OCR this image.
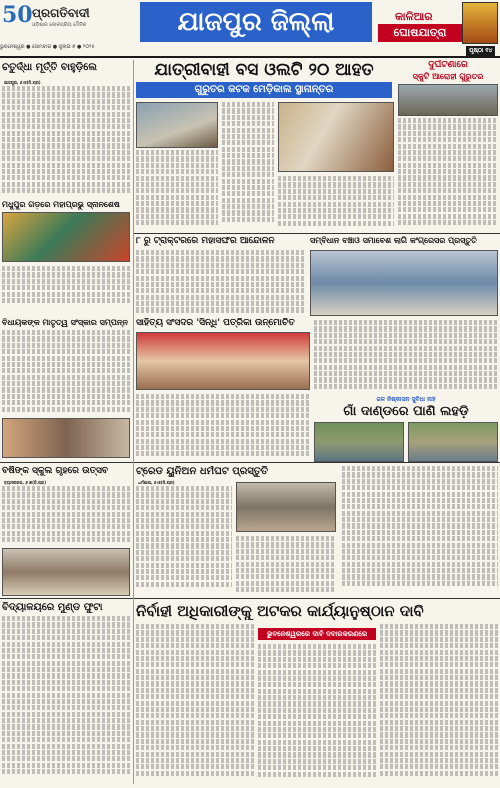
50 ପ୍ରଗତିବାଦୀ
ଓଡ଼ିଶାର ଲୋକପ୍ରିୟ ଦୈନିକ
ଭୁବନେଶ୍ୱର ● ସୋମବାର ● ଜୁଲାଇ ୭ ● ୨୦୨୫
ଯାଜପୁର ଜିଲ୍ଲା	କାଳିଆର
ଘୋଷଯାତ୍ରା
ପୃଷ୍ଠା ୧୪
ଚତୁର୍ଦ୍ଧା ମୂର୍ତ୍ତି ବାହୁଡ଼ିଲେ	ଯାତ୍ରୀବାହୀ ବସ ଓଲଟି ୨୦ ଆହତ
ଗୁରୁତର କଟକ ମେଡ଼ିକାଲ ସ୍ଥାନାନ୍ତର
ଦୁର୍ଘଟଣାରେ
ସ୍କୁଟି ଆରୋହୀ ଗୁରୁତର
ଯାଜପୁର, ୬।୭(ନି.ପ୍ର)
ମଧୁପୁର ଗଡ଼ରେ ମହାପ୍ରଭୁ ସ୍ନାନଶେଷ
୮ ରୁ ଟ୍ରାକ୍ଟରରେ ମହାସଙ୍ଘର ଆନ୍ଦୋଳନ	ସମ୍ବିଧାନ ବଞ୍ଚାଓ ସମାବେଶ ଲାଗି କଂଗ୍ରେସର ପ୍ରସ୍ତୁତି
ବିଧାୟକଙ୍କ ମାତୃତ୍ୱ ସଂସ୍କାର ସମ୍ପନ୍ନ ସାହିତ୍ୟ ସଂସଦର 'ସିନ୍ଧି' ପତ୍ରିକା ଉନ୍ମୋଚିତ
ଜଳ ନିଷ୍କାସନ ସୁବିଧା ନାହିଁ
ଗାଁ ଦାଣ୍ଡରେ ପାଣି ଲହଡ଼ି
ବର୍ଷିଙ୍କ ସ୍କୁଲ ଗୃହରେ ଉତ୍ସବ
ବ୍ୟାସନଗର, ୬।୭(ନି.ପ୍ର)
ଟ୍ରେଡ ୟୁନିଅନ ଧର୍ମଘଟ ପ୍ରସ୍ତୁତି
ଧର୍ମଶାଳା, ୬।୭(ନି.ପ୍ର)
ବିଦ୍ୟାଳୟରେ ମୁଣ୍ଡ ଫୁଟା	ନିର୍ବାହୀ ଅଧିକାରୀଙ୍କୁ ଅଟକର କାର୍ଯ୍ୟାନୁଷ୍ଠାନ ଦାବି
ଭୁବନେଶ୍ୱରରେ ଦାବି ଦବାରକରଣରେ
